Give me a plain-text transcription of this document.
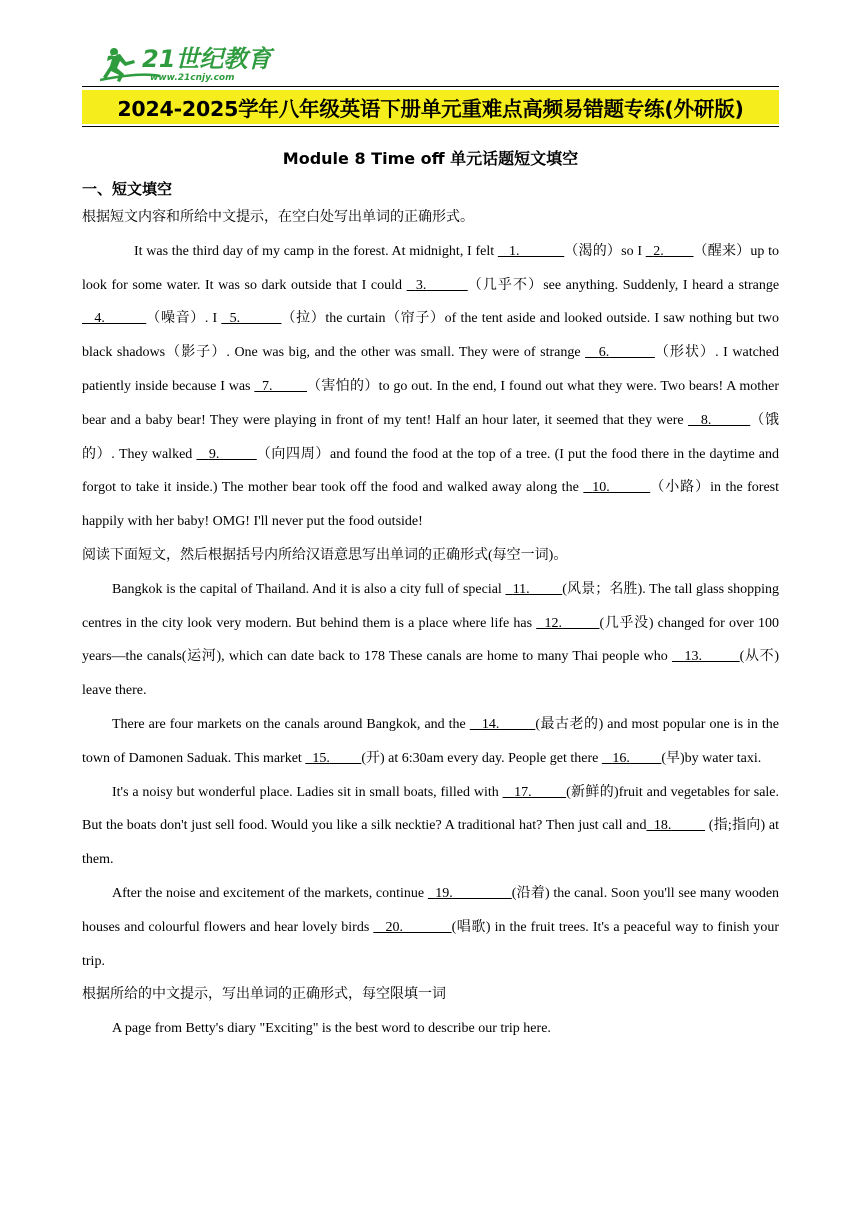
21世纪教育
www.21cnjy.com
2024-2025学年八年级英语下册单元重难点高频易错题专练(外研版)
Module 8 Time off 单元话题短文填空
一、短文填空

根据短文内容和所给中文提示，在空白处写出单词的正确形式。

It was the third day of my camp in the forest. At midnight, I felt 1.	（渴的）so I 2. （醒来）up to look for some water. It was so dark outside that I could 3.	（几乎不）see anything. Suddenly, I heard a strange    4.	（噪音）. I 5.	（拉）the curtain（帘子）of the tent aside and looked outside. I saw nothing but two black shadows（影子）. One was big, and the other was small. They were of strange 6.	（形状）. I watched patiently inside because I was 7. （害怕的）to go out. In the end, I found out what they were. Two bears! A mother bear and a baby bear! They were playing in front of my tent! Half an hour later, it seemed that they were 8.	（饿的）. They walked 9.	（向四周）and found the food at the top of a tree. (I put the food there in the daytime and forgot to take it inside.) The mother bear took off the food and walked away along the 10.	（小路）in the forest happily with her baby! OMG! I'll never put the food outside!

阅读下面短文，然后根据括号内所给汉语意思写出单词的正确形式(每空一词)。

Bangkok is the capital of Thailand. And it is also a city full of special 11. (风景；名胜). The tall glass shopping centres in the city look very modern. But behind them is a place where life has 12.	(几乎没) changed for over 100 years—the canals(运河), which can date back to 178 These canals are home to many Thai people who 13.	(从不) leave there.

There are four markets on the canals around Bangkok, and the 14.	(最古老的) and most popular one is in the town of Damonen Saduak. This market 15. (开) at 6:30am every day. People get there 16. (早)by water taxi.

It's a noisy but wonderful place. Ladies sit in small boats, filled with 17. (新鲜的)fruit and vegetables for sale. But the boats don't just sell food. Would you like a silk necktie? A traditional hat? Then just call and 18.	(指;指向) at them.

After the noise and excitement of the markets, continue 19.	(沿着) the canal. Soon you'll see many wooden houses and colourful flowers and hear lovely birds 20.	(唱歌) in the fruit trees. It's a peaceful way to finish your trip.

根据所给的中文提示，写出单词的正确形式，每空限填一词

A page from Betty's diary "Exciting" is the best word to describe our trip here.
